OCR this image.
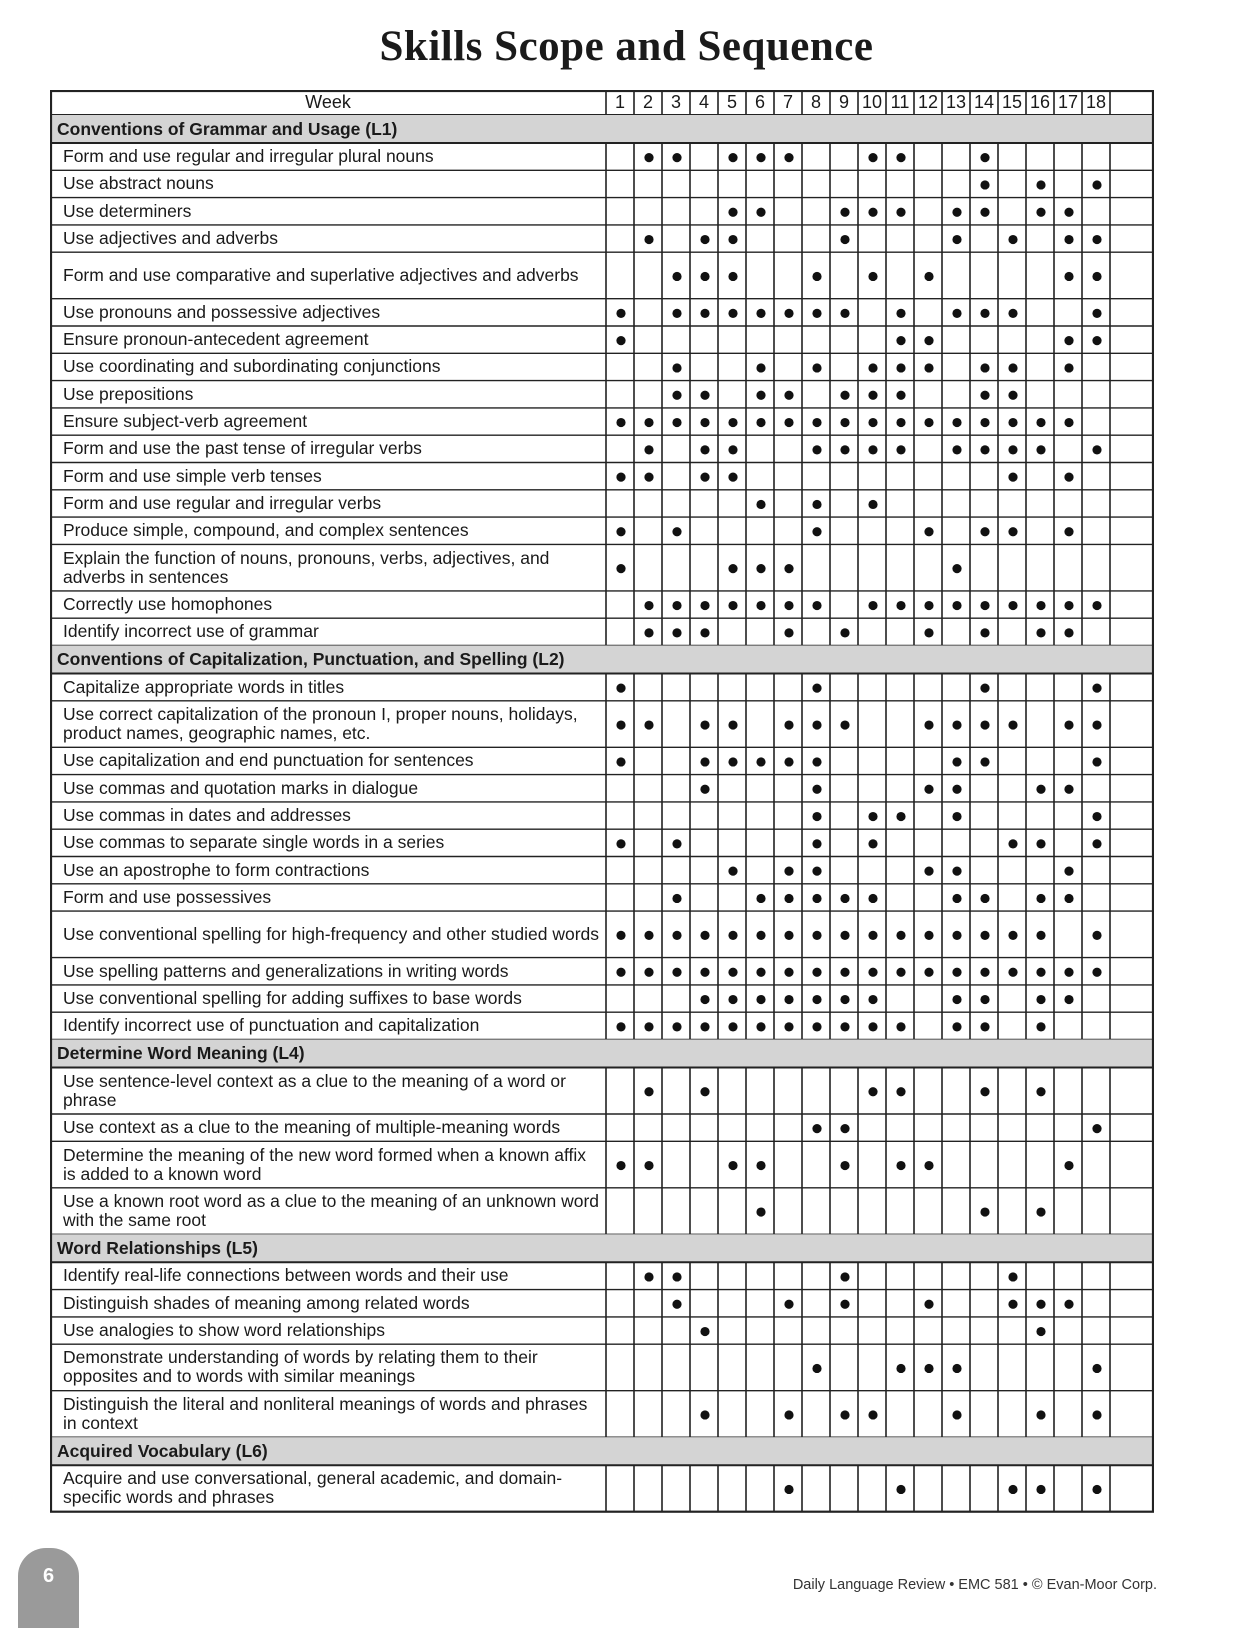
Skills Scope and Sequence
Week	1 2 3 4 5 6 7 8 9 10 11 12 13 14 15 16 17 18
Conventions of Grammar and Usage (L1)
Form and use regular and irregular plural nouns
Use abstract nouns
Use determiners
Use adjectives and adverbs
Form and use comparative and superlative adjectives and adverbs
Use pronouns and possessive adjectives
Ensure pronoun-antecedent agreement
Use coordinating and subordinating conjunctions
Use prepositions
Ensure subject-verb agreement
Form and use the past tense of irregular verbs
Form and use simple verb tenses
Form and use regular and irregular verbs
Produce simple, compound, and complex sentences
Explain the function of nouns, pronouns, verbs, adjectives, and adverbs in sentences
Correctly use homophones
Identify incorrect use of grammar
Conventions of Capitalization, Punctuation, and Spelling (L2)
Capitalize appropriate words in titles
Use correct capitalization of the pronoun I, proper nouns, holidays, product names, geographic names, etc.
Use capitalization and end punctuation for sentences
Use commas and quotation marks in dialogue
Use commas in dates and addresses
Use commas to separate single words in a series
Use an apostrophe to form contractions
Form and use possessives
Use conventional spelling for high-frequency and other studied words
Use spelling patterns and generalizations in writing words
Use conventional spelling for adding suffixes to base words
Identify incorrect use of punctuation and capitalization
Determine Word Meaning (L4)
Use sentence-level context as a clue to the meaning of a word or phrase
Use context as a clue to the meaning of multiple-meaning words
Determine the meaning of the new word formed when a known affix is added to a known word
Use a known root word as a clue to the meaning of an unknown word with the same root
Word Relationships (L5)
Identify real-life connections between words and their use
Distinguish shades of meaning among related words
Use analogies to show word relationships
Demonstrate understanding of words by relating them to their opposites and to words with similar meanings
Distinguish the literal and nonliteral meanings of words and phrases in context
Acquired Vocabulary (L6)
Acquire and use conversational, general academic, and domain-specific words and phrases
6	Daily Language Review • EMC 581 • © Evan-Moor Corp.
